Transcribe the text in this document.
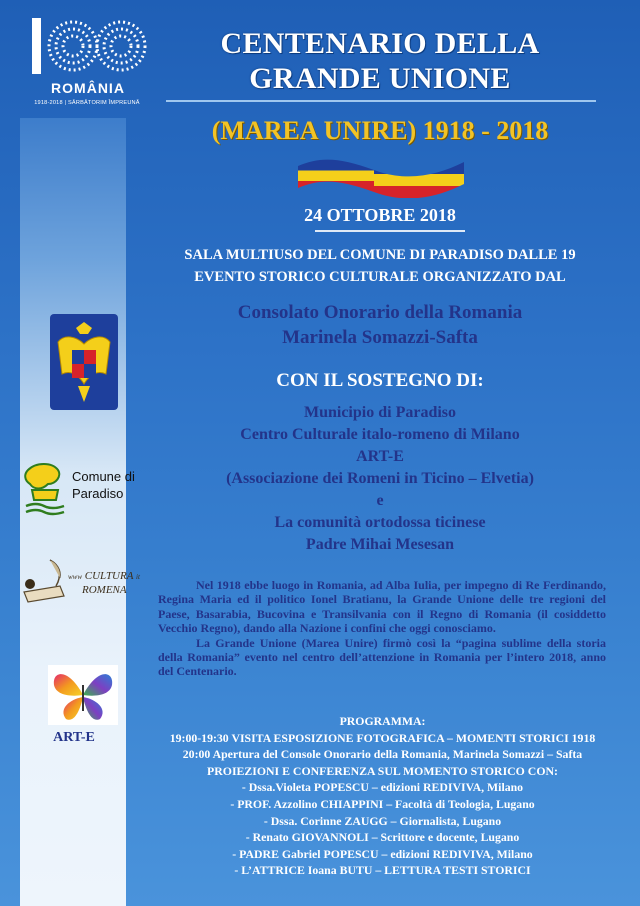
ROMÂNIA
1918-2018 | SĂRBĂTORIM ÎMPREUNĂ
CENTENARIO DELLA
GRANDE UNIONE
(MAREA UNIRE) 1918 - 2018
24 OTTOBRE 2018
SALA MULTIUSO DEL COMUNE DI PARADISO DALLE 19
EVENTO STORICO CULTURALE ORGANIZZATO DAL
Consolato Onorario della Romania
Marinela Somazzi-Safta
CON IL SOSTEGNO DI:
Municipio di Paradiso
Centro Culturale italo-romeno di Milano
ART-E
(Associazione dei Romeni in Ticino – Elvetia)
e
La comunità ortodossa ticinese
Padre Mihai Mesesan

Nel 1918 ebbe luogo in Romania, ad Alba Iulia, per impegno di Re Ferdinando, Regina Maria ed il politico Ionel Bratianu, la Grande Unione delle tre regioni del Paese, Basarabia, Bucovina e Transilvania con il Regno di Romania (il cosiddetto Vecchio Regno), dando alla Nazione i confini che oggi conosciamo.

La Grande Unione (Marea Unire) firmò così la “pagina sublime della storia della Romania” evento nel centro dell’attenzione in Romania per l’intero 2018, anno del Centenario.

PROGRAMMA:
19:00-19:30 VISITA ESPOSIZIONE FOTOGRAFICA – MOMENTI STORICI 1918
20:00 Apertura del Console Onorario della Romania, Marinela Somazzi – Safta
PROIEZIONI E CONFERENZA SUL MOMENTO STORICO CON:
- Dssa.Violeta POPESCU – edizioni REDIVIVA, Milano
- PROF. Azzolino CHIAPPINI – Facoltà di Teologia, Lugano
- Dssa. Corinne ZAUGG – Giornalista, Lugano
- Renato GIOVANNOLI – Scrittore e docente, Lugano
- PADRE Gabriel POPESCU – edizioni REDIVIVA, Milano
- L’ATTRICE Ioana BUTU – LETTURA TESTI STORICI
Comune di
Paradiso
www CULTURA it
ROMENA
ART-E
